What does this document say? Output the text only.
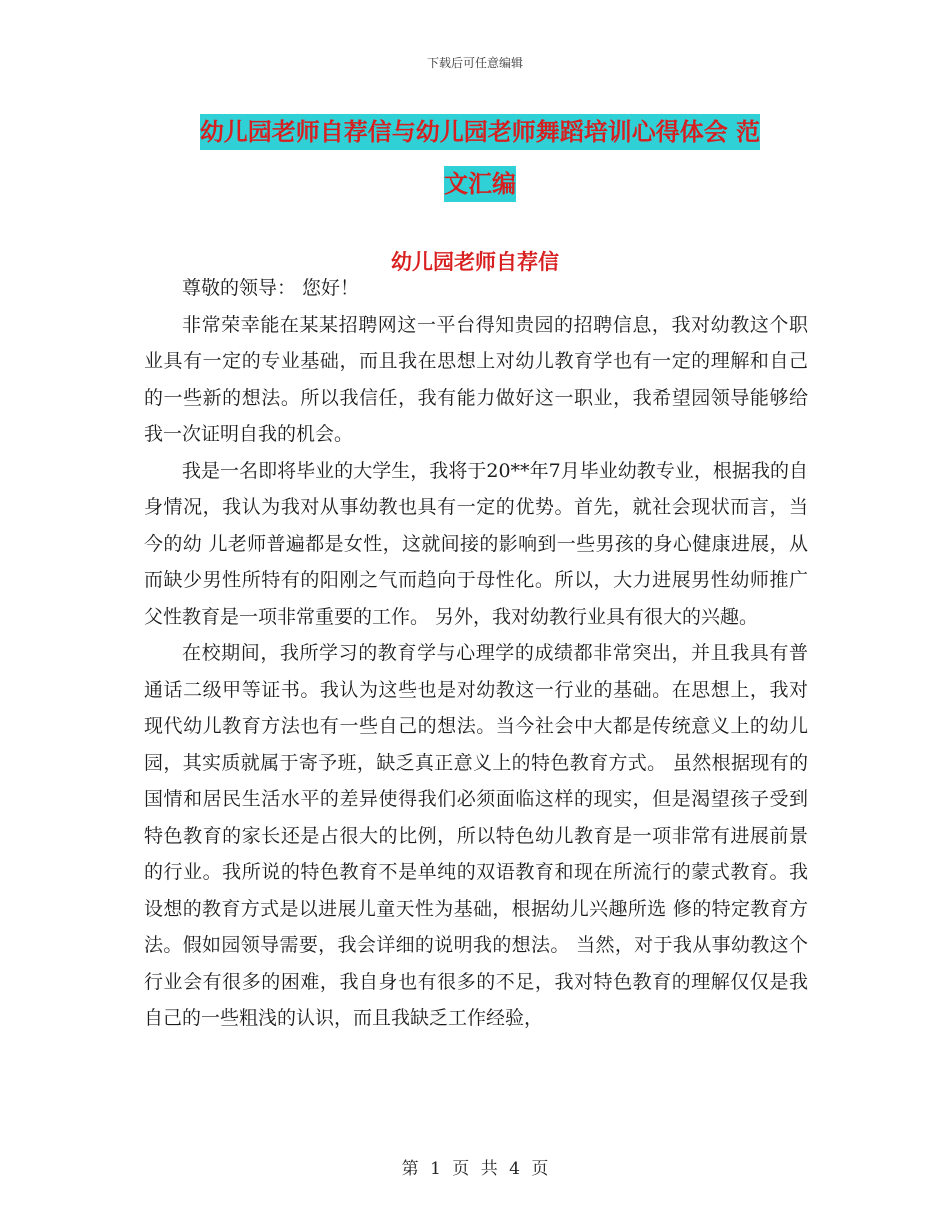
下载后可任意编辑
幼儿园老师自荐信与幼儿园老师舞蹈培训心得体会 范
文汇编
幼儿园老师自荐信

尊敬的领导： 您好！

非常荣幸能在某某招聘网这一平台得知贵园的招聘信息，我对幼教这个职业具有一定的专业基础，而且我在思想上对幼儿教育学也有一定的理解和自己的一些新的想法。所以我信任，我有能力做好这一职业，我希望园领导能够给我一次证明自我的机会。

我是一名即将毕业的大学生，我将于20**年7月毕业幼教专业，根据我的自身情况，我认为我对从事幼教也具有一定的优势。首先，就社会现状而言，当今的幼 儿老师普遍都是女性，这就间接的影响到一些男孩的身心健康进展，从而缺少男性所特有的阳刚之气而趋向于母性化。所以，大力进展男性幼师推广父性教育是一项非常重要的工作。 另外，我对幼教行业具有很大的兴趣。

在校期间，我所学习的教育学与心理学的成绩都非常突出，并且我具有普通话二级甲等证书。我认为这些也是对幼教这一行业的基础。在思想上，我对现代幼儿教育方法也有一些自己的想法。当今社会中大都是传统意义上的幼儿园，其实质就属于寄予班，缺乏真正意义上的特色教育方式。 虽然根据现有的国情和居民生活水平的差异使得我们必须面临这样的现实，但是渴望孩子受到特色教育的家长还是占很大的比例，所以特色幼儿教育是一项非常有进展前景的行业。我所说的特色教育不是单纯的双语教育和现在所流行的蒙式教育。我设想的教育方式是以进展儿童天性为基础，根据幼儿兴趣所选 修的特定教育方法。假如园领导需要，我会详细的说明我的想法。 当然，对于我从事幼教这个行业会有很多的困难，我自身也有很多的不足，我对特色教育的理解仅仅是我自己的一些粗浅的认识，而且我缺乏工作经验，

第 1 页 共 4 页
